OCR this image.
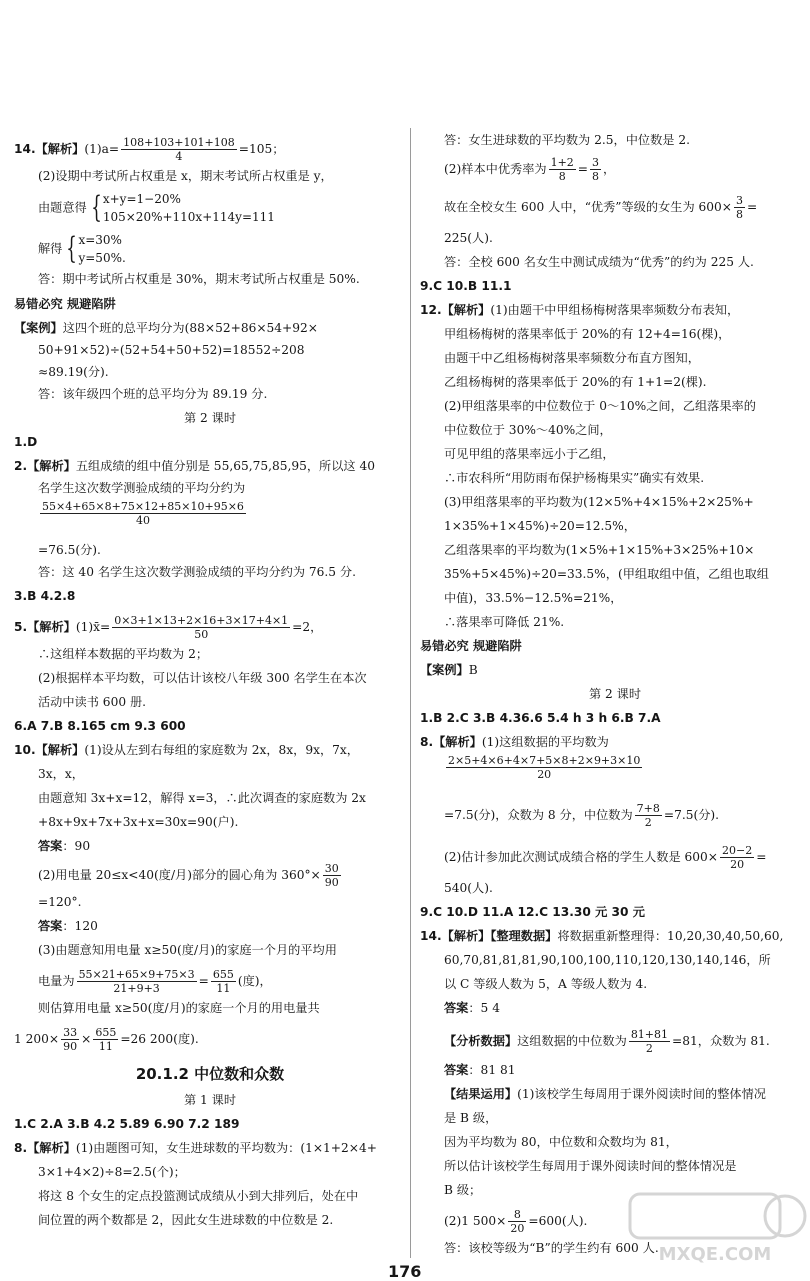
14.【解析】$(1)a= \frac{108+103+101+108}{4} =105$；
(2)设期中考试所占权重是 x，期末考试所占权重是 y，
由题意得 {x+y=1−20%
105×20%+110x+114y=111
解得 {x=30%
y=50%.
答：期中考试所占权重是 30%，期末考试所占权重是 50%.
易错必究 规避陷阱
【案例】这四个班的总平均分为(88×52+86×54+92×
50+91×52)÷(52+54+50+52)=18552÷208
≈89.19(分).
答：该年级四个班的总平均分为 89.19 分.
第 2 课时
1.D
2.【解析】五组成绩的组中值分别是 55,65,75,85,95，所以这 40
名学生这次数学测验成绩的平均分约为
$\frac{55\times 4+65\times 8+75\times 12+85\times 10+95\times 6}{40}$
=76.5(分).
答：这 40 名学生这次数学测验成绩的平均分约为 76.5 分.
3.B 4.2.8
5.【解析】(1)x̄= $\frac{0\times 3+1\times 13+2\times 16+3\times 17+4\times 1}{50} =2$，
∴这组样本数据的平均数为 2；
(2)根据样本平均数，可以估计该校八年级 300 名学生在本次
活动中读书 600 册.
6.A 7.B 8.165 cm 9.3 600
10.【解析】(1)设从左到右每组的家庭数为 2x，8x，9x，7x，
3x，x，
由题意知 3x+x=12，解得 x=3，∴此次调查的家庭数为 2x
+8x+9x+7x+3x+x=30x=90(户).
答案：90
(2)用电量 20≤x<40(度/月)部分的圆心角为 $360^\circ\times \frac{30}{90}$
=120°.
答案：120
(3)由题意知用电量 x≥50(度/月)的家庭一个月的平均用
电量为 $\frac{55\times 21+65\times 9+75\times 3}{21+9+3} = \frac{655}{11}$ (度)，
则估算用电量 x≥50(度/月)的家庭一个月的用电量共
1 $200\times \frac{33}{90} \times \frac{655}{11} =26$ 200(度).
20.1.2 中位数和众数
第 1 课时
1.C 2.A 3.B 4.2 5.89 6.90 7.2 189
8.【解析】(1)由题图可知，女生进球数的平均数为：(1×1+2×4+
3×1+4×2)÷8=2.5(个)；
将这 8 个女生的定点投篮测试成绩从小到大排列后，处在中
间位置的两个数都是 2，因此女生进球数的中位数是 2.
答：女生进球数的平均数为 2.5，中位数是 2.
(2)样本中优秀率为 $\frac{1+2}{8} = \frac{3}{8}$ ，
故在全校女生 600 人中，“优秀”等级的女生为 $600\times \frac{3}{8}$ =
225(人).
答：全校 600 名女生中测试成绩为“优秀”的约为 225 人.
9.C 10.B 11.1
12.【解析】(1)由题干中甲组杨梅树落果率频数分布表知，
甲组杨梅树的落果率低于 20%的有 12+4=16(棵)，
由题干中乙组杨梅树落果率频数分布直方图知，
乙组杨梅树的落果率低于 20%的有 1+1=2(棵).
(2)甲组落果率的中位数位于 0～10%之间，乙组落果率的
中位数位于 30%～40%之间，
可见甲组的落果率远小于乙组，
∴市农科所“用防雨布保护杨梅果实”确实有效果.
(3)甲组落果率的平均数为(12×5%+4×15%+2×25%+
1×35%+1×45%)÷20=12.5%，
乙组落果率的平均数为(1×5%+1×15%+3×25%+10×
35%+5×45%)÷20=33.5%，(甲组取组中值，乙组也取组
中值)，33.5%−12.5%=21%，
∴落果率可降低 21%.
易错必究 规避陷阱
【案例】B
第 2 课时
1.B 2.C 3.B 4.36.6 5.4 h 3 h 6.B 7.A
8.【解析】(1)这组数据的平均数为
$\frac{2\times 5+4\times 6+4\times 7+5\times 8+2\times 9+3\times 10}{20}$
=7.5(分)，众数为 8 分，中位数为 $\frac{7+8}{2} =7.5$(分).
(2)估计参加此次测试成绩合格的学生人数是 $600\times \frac{20-2}{20}$ =
540(人).
9.C 10.D 11.A 12.C 13.30 元 30 元
14.【解析】【整理数据】将数据重新整理得：10,20,30,40,50,60,
60,70,81,81,81,90,100,100,110,120,130,140,146，所
以 C 等级人数为 5，A 等级人数为 4.
答案：5 4
【分析数据】这组数据的中位数为 $\frac{81+81}{2} =81$，众数为 81.
答案：81 81
【结果运用】(1)该校学生每周用于课外阅读时间的整体情况
是 B 级，
因为平均数为 80，中位数和众数均为 81，
所以估计该校学生每周用于课外阅读时间的整体情况是
B 级；
(2)1 $500\times \frac{8}{20} =600$(人).
答：该校等级为“B”的学生约有 600 人.
176
MXQE.COM
